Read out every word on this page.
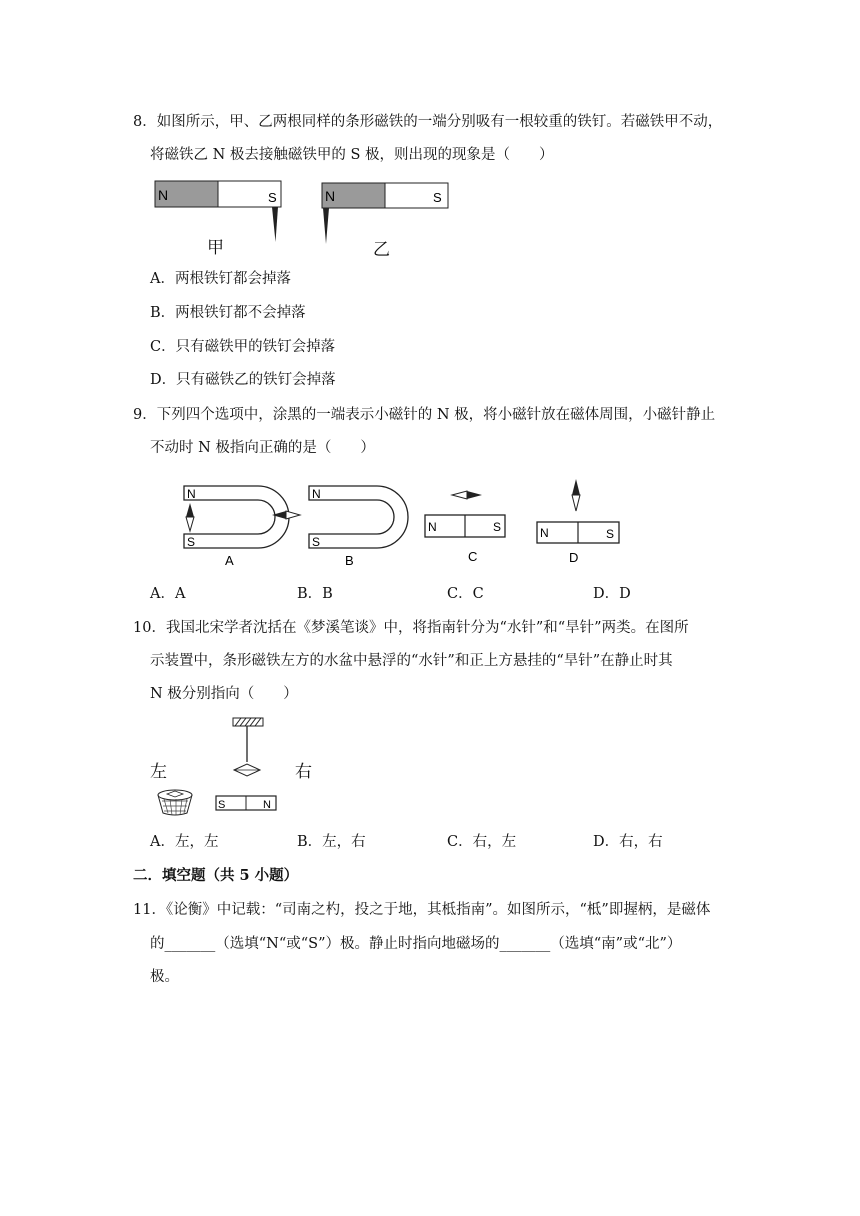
8．如图所示，甲、乙两根同样的条形磁铁的一端分别吸有一根较重的铁钉。若磁铁甲不动，
将磁铁乙 N 极去接触磁铁甲的 S 极，则出现的现象是（　　）
N	S	N	S
甲	乙
A．两根铁钉都会掉落
B．两根铁钉都不会掉落
C．只有磁铁甲的铁钉会掉落
D．只有磁铁乙的铁钉会掉落
9．下列四个选项中，涂黑的一端表示小磁针的 N 极，将小磁针放在磁体周围，小磁针静止
不动时 N 极指向正确的是（　　）
N
S
A
N
S
B
N	S
C
N	S
D
A．A	B．B	C．C	D．D
10．我国北宋学者沈括在《梦溪笔谈》中，将指南针分为“水针”和“旱针”两类。在图所
示装置中，条形磁铁左方的水盆中悬浮的“水针”和正上方悬挂的“旱针”在静止时其
N 极分别指向（　　）
S	N
左	右
A．左，左	B．左，右	C．右，左	D．右，右
二．填空题（共 5 小题）
11．《论衡》中记载：“司南之杓，投之于地，其柢指南”。如图所示，“柢”即握柄，是磁体
的_______（选填“N“或“S”）极。静止时指向地磁场的_______（选填“南”或“北”）
极。
